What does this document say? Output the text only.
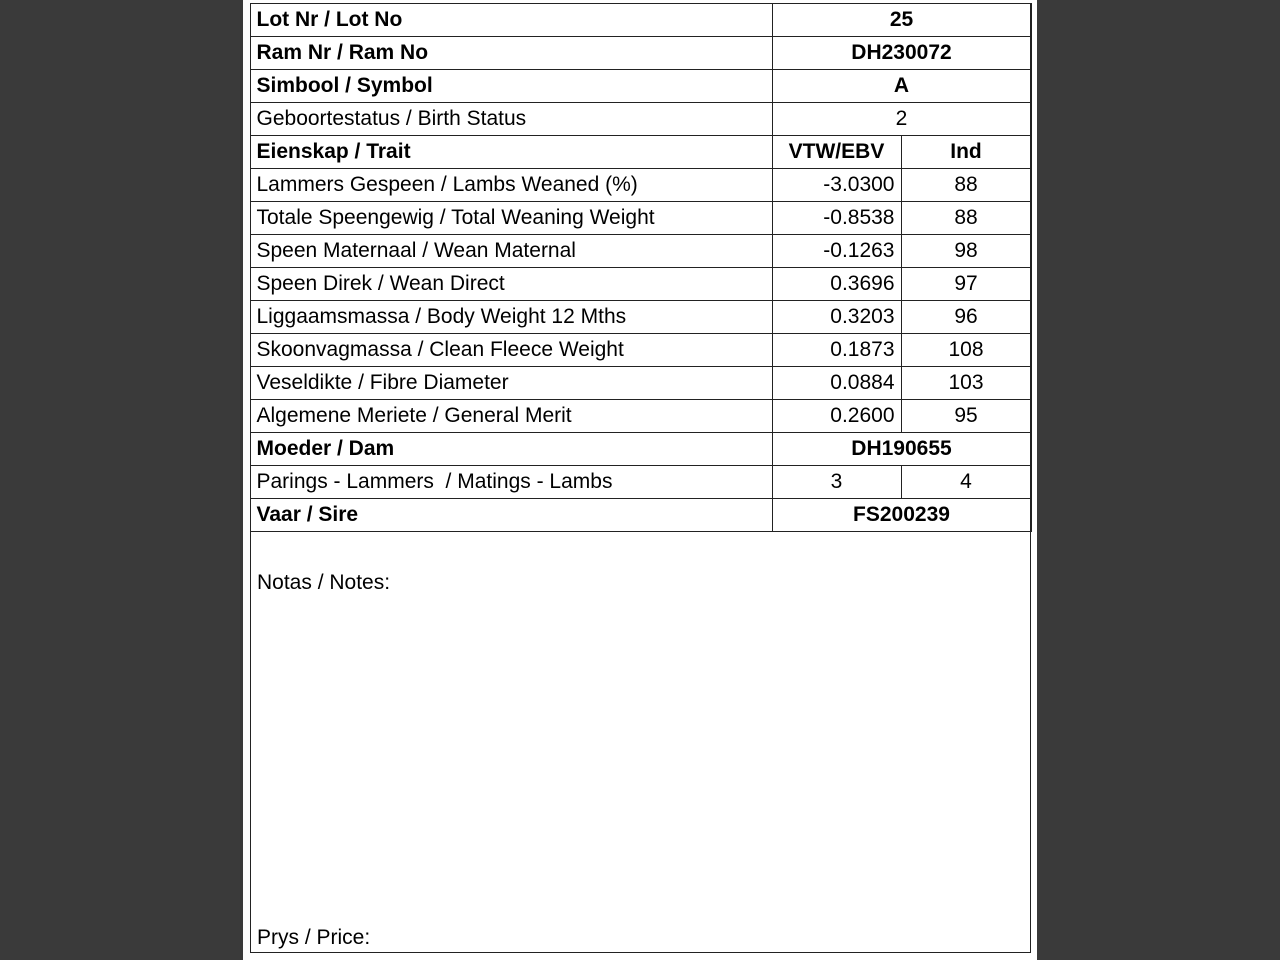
Lot Nr / Lot No	25	
Ram Nr / Ram No	DH230072	
Simbool / Symbol	A	
Geboortestatus / Birth Status	2	
Eienskap / Trait	VTW/EBV	Ind
Lammers Gespeen / Lambs Weaned (%)	-3.0300	88
Totale Speengewig / Total Weaning Weight	-0.8538	88
Speen Maternaal / Wean Maternal	-0.1263	98
Speen Direk / Wean Direct	0.3696	97
Liggaamsmassa / Body Weight 12 Mths	0.3203	96
Skoonvagmassa / Clean Fleece Weight	0.1873	108
Veseldikte / Fibre Diameter	0.0884	103
Algemene Meriete / General Merit	0.2600	95
Moeder / Dam	DH190655	
Parings - Lammers  / Matings - Lambs	3	4
Vaar / Sire	FS200239	
Notas / Notes:
Prys / Price:
